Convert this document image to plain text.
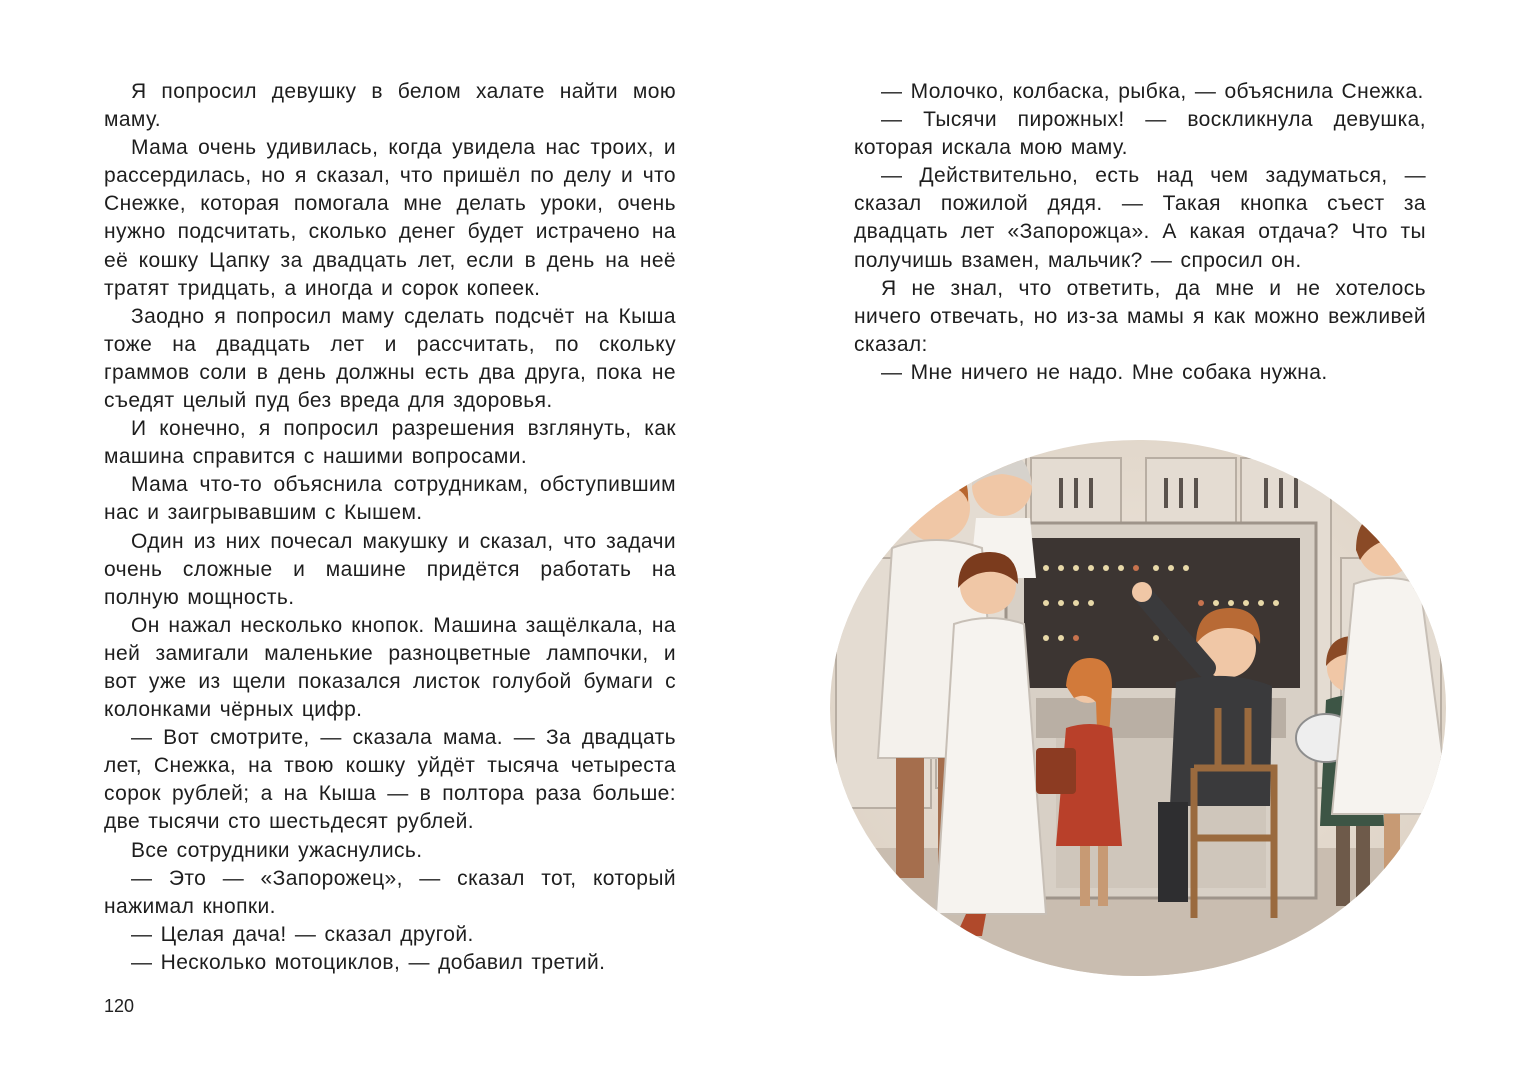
Я попросил девушку в белом халате найти мою маму.

Мама очень удивилась, когда увидела нас троих, и рассердилась, но я сказал, что пришёл по делу и что Снежке, которая помогала мне делать уроки, очень нужно подсчитать, сколько денег будет истрачено на её кошку Цапку за двадцать лет, если в день на неё тратят тридцать, а иногда и сорок копеек.

Заодно я попросил маму сделать подсчёт на Кыша тоже на двадцать лет и рассчитать, по скольку граммов соли в день должны есть два друга, пока не съедят целый пуд без вреда для здоровья.

И конечно, я попросил разрешения взглянуть, как машина справится с нашими вопросами.

Мама что-то объяснила сотрудникам, обступившим нас и заигрывавшим с Кышем.

Один из них почесал макушку и сказал, что задачи очень сложные и машине придётся работать на полную мощность.

Он нажал несколько кнопок. Машина защёлкала, на ней замигали маленькие разноцветные лампочки, и вот уже из щели показался листок голубой бумаги с колонками чёрных цифр.

— Вот смотрите, — сказала мама. — За двадцать лет, Снежка, на твою кошку уйдёт тысяча четыреста сорок рублей; а на Кыша — в полтора раза больше: две тысячи сто шестьдесят рублей.

Все сотрудники ужаснулись.

— Это — «Запорожец», — сказал тот, который нажимал кнопки.

— Целая дача! — сказал другой.

— Несколько мотоциклов, — добавил третий.

120

— Молочко, колбаска, рыбка, — объяснила Снежка.

— Тысячи пирожных! — воскликнула девушка, которая искала мою маму.

— Действительно, есть над чем задуматься, — сказал пожилой дядя. — Такая кнопка съест за двадцать лет «Запорожца». А какая отдача? Что ты получишь взамен, мальчик? — спросил он.

Я не знал, что ответить, да мне и не хотелось ничего отвечать, но из-за мамы я как можно вежливей сказал:

— Мне ничего не надо. Мне собака нужна.
